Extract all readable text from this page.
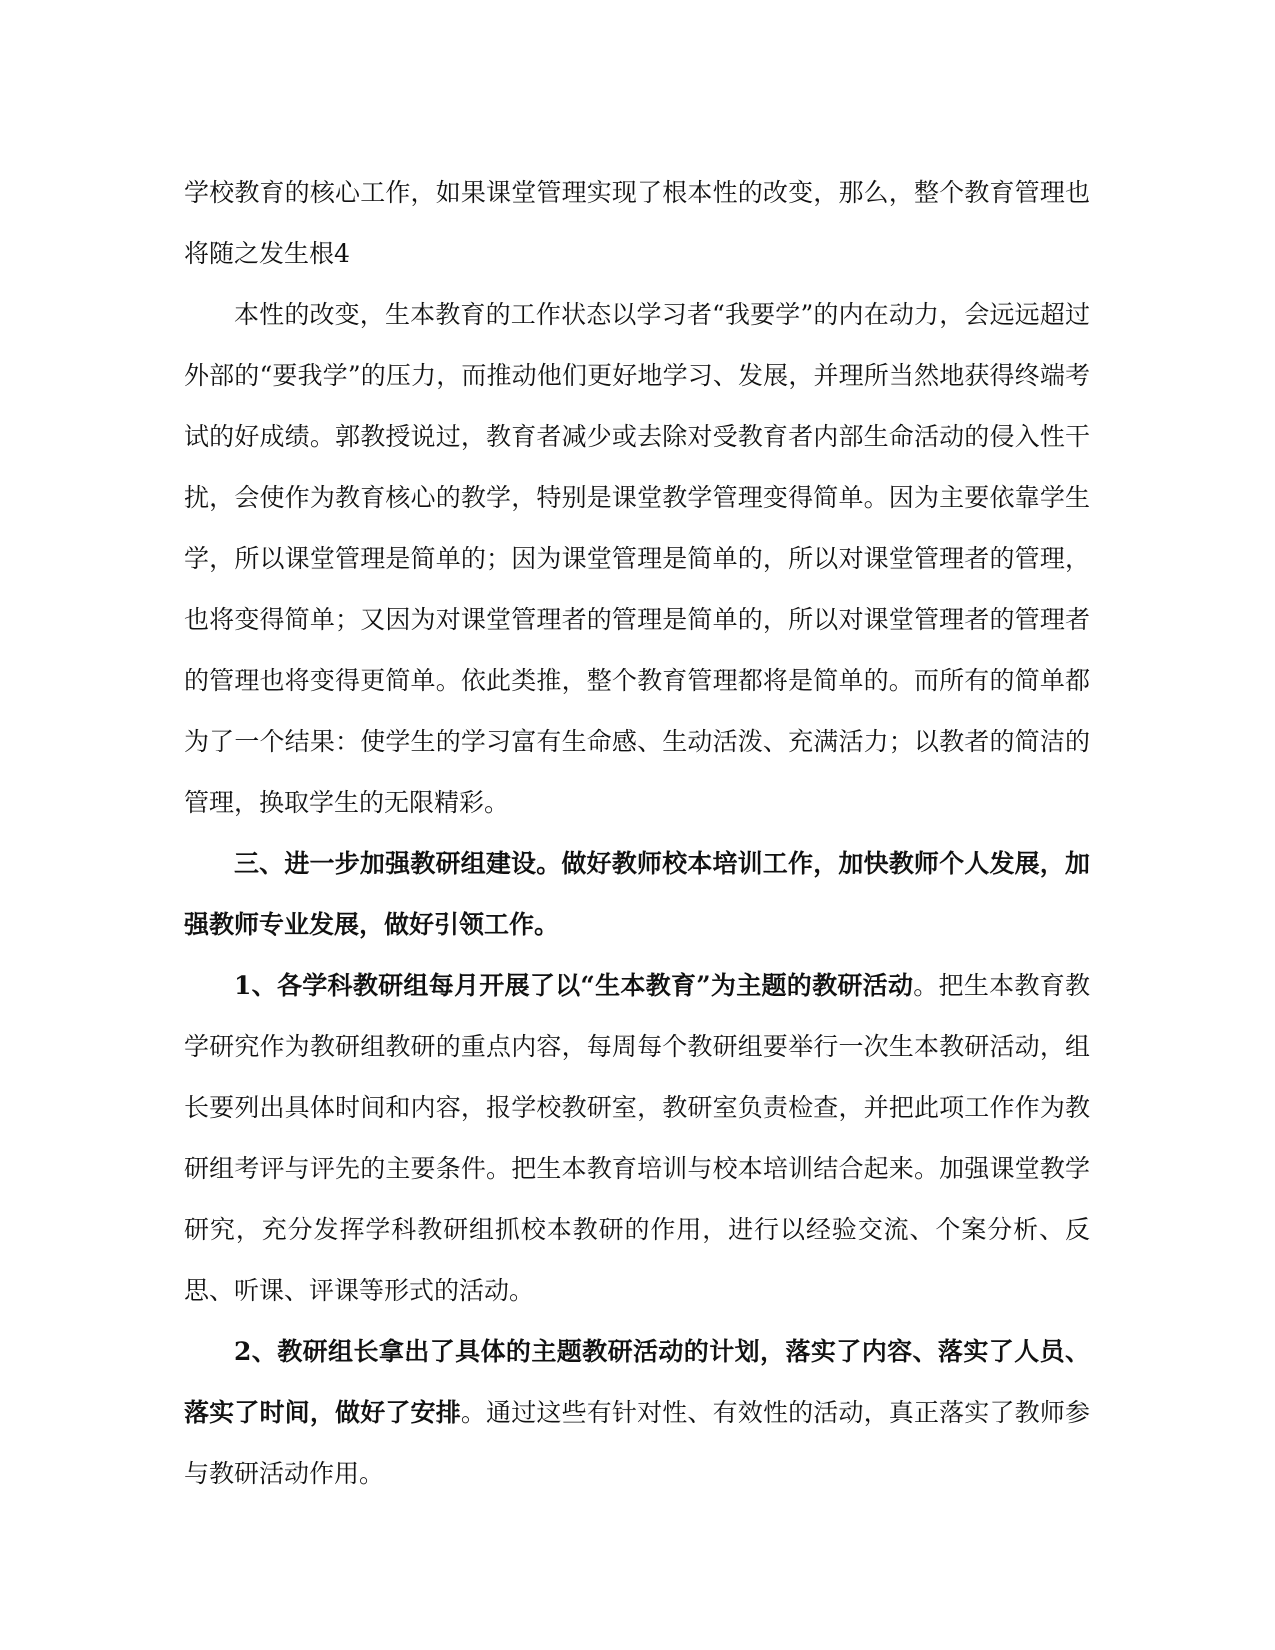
学校教育的核心工作，如果课堂管理实现了根本性的改变，那么，整个教育管理也将随之发生根4

本性的改变，生本教育的工作状态以学习者“我要学”的内在动力，会远远超过外部的“要我学”的压力，而推动他们更好地学习、发展，并理所当然地获得终端考试的好成绩。郭教授说过，教育者减少或去除对受教育者内部生命活动的侵入性干扰，会使作为教育核心的教学，特别是课堂教学管理变得简单。因为主要依靠学生学，所以课堂管理是简单的；因为课堂管理是简单的，所以对课堂管理者的管理，也将变得简单；又因为对课堂管理者的管理是简单的，所以对课堂管理者的管理者的管理也将变得更简单。依此类推，整个教育管理都将是简单的。而所有的简单都为了一个结果：使学生的学习富有生命感、生动活泼、充满活力；以教者的简洁的管理，换取学生的无限精彩。

三、进一步加强教研组建设。做好教师校本培训工作，加快教师个人发展，加强教师专业发展，做好引领工作。

1、各学科教研组每月开展了以“生本教育”为主题的教研活动。把生本教育教学研究作为教研组教研的重点内容，每周每个教研组要举行一次生本教研活动，组长要列出具体时间和内容，报学校教研室，教研室负责检查，并把此项工作作为教研组考评与评先的主要条件。把生本教育培训与校本培训结合起来。加强课堂教学研究，充分发挥学科教研组抓校本教研的作用，进行以经验交流、个案分析、反思、听课、评课等形式的活动。

2、教研组长拿出了具体的主题教研活动的计划，落实了内容、落实了人员、落实了时间，做好了安排。通过这些有针对性、有效性的活动，真正落实了教师参与教研活动作用。
